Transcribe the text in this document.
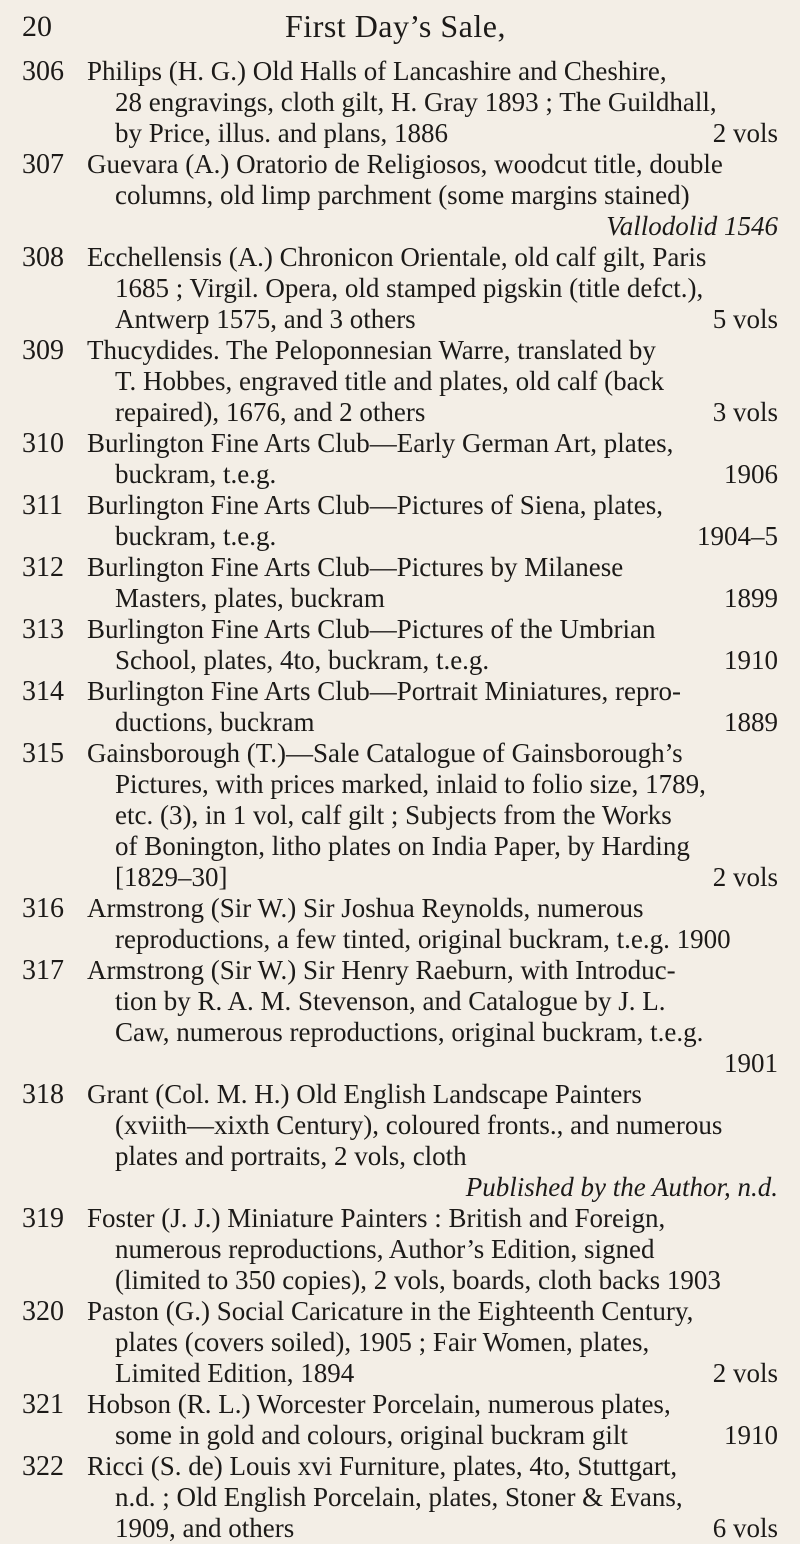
20	First Day’s Sale,
306 Philips (H. G.) Old Halls of Lancashire and Cheshire,
28 engravings, cloth gilt, H. Gray 1893 ; The Guildhall,
by Price, illus. and plans, 1886	2 vols
307 Guevara (A.) Oratorio de Religiosos, woodcut title, double
columns, old limp parchment (some margins stained)
Vallodolid 1546
308 Ecchellensis (A.) Chronicon Orientale, old calf gilt, Paris
1685 ; Virgil. Opera, old stamped pigskin (title defct.),
Antwerp 1575, and 3 others	5 vols
309 Thucydides. The Peloponnesian Warre, translated by
T. Hobbes, engraved title and plates, old calf (back
repaired), 1676, and 2 others	3 vols
310 Burlington Fine Arts Club—Early German Art, plates,
buckram, t.e.g.	1906
311 Burlington Fine Arts Club—Pictures of Siena, plates,
buckram, t.e.g.	1904–5
312 Burlington Fine Arts Club—Pictures by Milanese
Masters, plates, buckram	1899
313 Burlington Fine Arts Club—Pictures of the Umbrian
School, plates, 4to, buckram, t.e.g.	1910
314 Burlington Fine Arts Club—Portrait Miniatures, repro-
ductions, buckram	1889
315 Gainsborough (T.)—Sale Catalogue of Gainsborough’s
Pictures, with prices marked, inlaid to folio size, 1789,
etc. (3), in 1 vol, calf gilt ; Subjects from the Works
of Bonington, litho plates on India Paper, by Harding
[1829–30]	2 vols
316 Armstrong (Sir W.) Sir Joshua Reynolds, numerous
reproductions, a few tinted, original buckram, t.e.g. 1900
317 Armstrong (Sir W.) Sir Henry Raeburn, with Introduc-
tion by R. A. M. Stevenson, and Catalogue by J. L.
Caw, numerous reproductions, original buckram, t.e.g.
1901
318 Grant (Col. M. H.) Old English Landscape Painters
(xviith—xixth Century), coloured fronts., and numerous
plates and portraits, 2 vols, cloth
Published by the Author, n.d.
319 Foster (J. J.) Miniature Painters : British and Foreign,
numerous reproductions, Author’s Edition, signed
(limited to 350 copies), 2 vols, boards, cloth backs 1903
320 Paston (G.) Social Caricature in the Eighteenth Century,
plates (covers soiled), 1905 ; Fair Women, plates,
Limited Edition, 1894	2 vols
321 Hobson (R. L.) Worcester Porcelain, numerous plates,
some in gold and colours, original buckram gilt	1910
322 Ricci (S. de) Louis xvi Furniture, plates, 4to, Stuttgart,
n.d. ; Old English Porcelain, plates, Stoner & Evans,
1909, and others	6 vols
